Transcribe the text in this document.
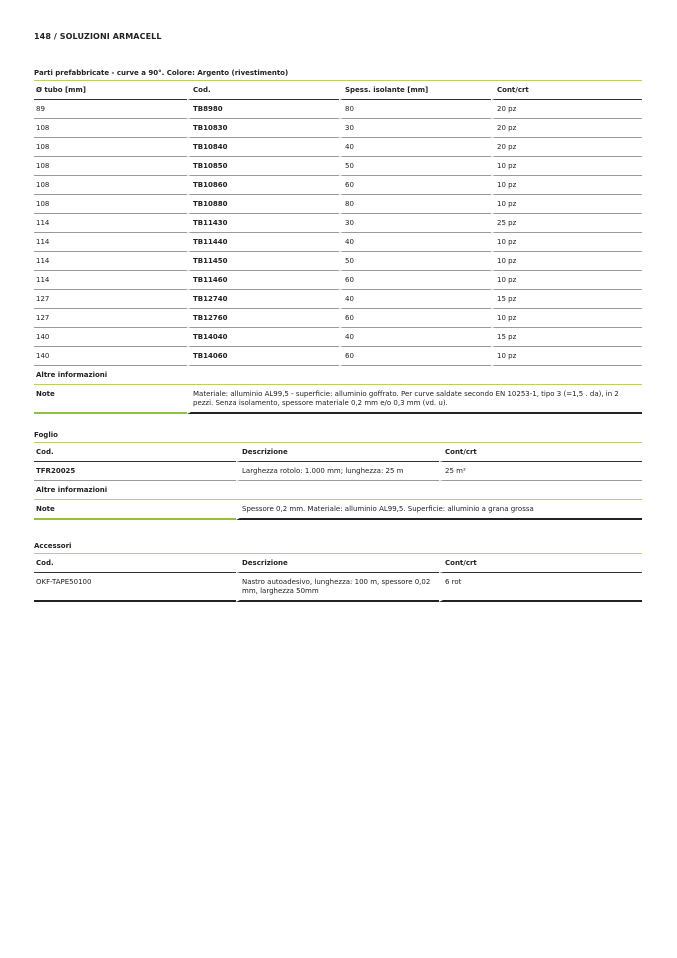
148 / SOLUZIONI ARMACELL
Parti prefabbricate - curve a 90°. Colore: Argento (rivestimento)
Ø tubo [mm]	Cod.	Spess. isolante [mm]	Cont/crt
89	TB8980	80	20 pz
108	TB10830	30	20 pz
108	TB10840	40	20 pz
108	TB10850	50	10 pz
108	TB10860	60	10 pz
108	TB10880	80	10 pz
114	TB11430	30	25 pz
114	TB11440	40	10 pz
114	TB11450	50	10 pz
114	TB11460	60	10 pz
127	TB12740	40	15 pz
127	TB12760	60	10 pz
140	TB14040	40	15 pz
140	TB14060	60	10 pz
Altre informazioni			
Note	Materiale: alluminio AL99,5 - superficie: alluminio goffrato. Per curve saldate secondo EN 10253-1, tipo 3 (=1,5 . da), in 2 pezzi. Senza isolamento, spessore materiale 0,2 mm e/o 0,3 mm (vd. u).		
Foglio
Cod.	Descrizione	Cont/crt
TFR20025	Larghezza rotolo: 1.000 mm; lunghezza: 25 m	25 m²
Altre informazioni		
Note	Spessore 0,2 mm. Materiale: alluminio AL99,5. Superficie: alluminio a grana grossa	
Accessori
Cod.	Descrizione	Cont/crt
OKF-TAPE50100	Nastro autoadesivo, lunghezza: 100 m, spessore 0,02 mm, larghezza 50mm	6 rot
